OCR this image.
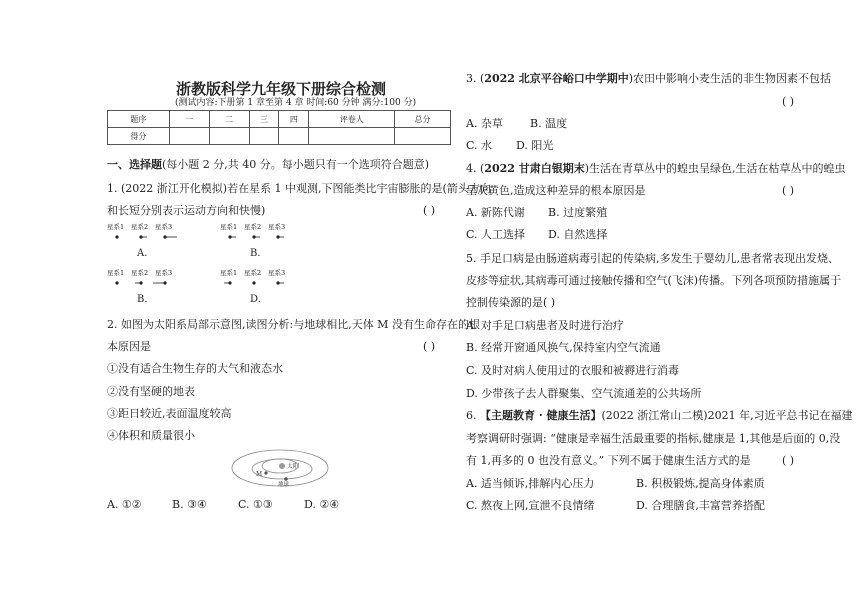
浙教版科学九年级下册综合检测
(测试内容:下册第 1 章至第 4 章 时间:60 分钟 满分:100 分)
题序	一	二	三	四	评卷人	总分
得分						
一、选择题(每小题 2 分,共 40 分。每小题只有一个选项符合题意)
1. (2022 浙江开化模拟)若在星系 1 中观测,下图能类比宇宙膨胀的是(箭头方向
和长短分别表示运动方向和快慢)	( )
星系1 星系2 星系3
A.
星系1 星系2 星系3
B.
星系1 星系2 星系3
B.
星系1 星系2 星系3
D.
2. 如图为太阳系局部示意图,读图分析:与地球相比,天体 M 没有生命存在的根
本原因是	( )
①没有适合生物生存的大气和液态水
②没有坚硬的地表
③距日较近,表面温度较高
④体积和质量很小
太阳
M
地球
A. ①②	B. ③④	C. ①③	D. ②④
3. (2022 北京平谷峪口中学期中)农田中影响小麦生活的非生物因素不包括
( )
A. 杂草 B. 温度
C. 水 D. 阳光
4. (2022 甘肃白银期末)生活在青草丛中的蝗虫呈绿色,生活在枯草丛中的蝗虫
呈灰黄色,造成这种差异的根本原因是	( )
A. 新陈代谢 B. 过度繁殖
C. 人工选择 D. 自然选择
5. 手足口病是由肠道病毒引起的传染病,多发生于婴幼儿,患者常表现出发烧、
皮疹等症状,其病毒可通过接触传播和空气(飞沫)传播。下列各项预防措施属于
控制传染源的是( )
A. 对手足口病患者及时进行治疗
B. 经常开窗通风换气,保持室内空气流通
C. 及时对病人使用过的衣服和被褥进行消毒
D. 少带孩子去人群聚集、空气流通差的公共场所
6. 【主题教育 · 健康生活】(2022 浙江常山二模)2021 年,习近平总书记在福建
考察调研时强调: “健康是幸福生活最重要的指标,健康是 1,其他是后面的 0,没
有 1,再多的 0 也没有意义。” 下列不属于健康生活方式的是	( )
A. 适当倾诉,排解内心压力	B. 积极锻炼,提高身体素质
C. 熬夜上网,宣泄不良情绪	D. 合理膳食,丰富营养搭配
